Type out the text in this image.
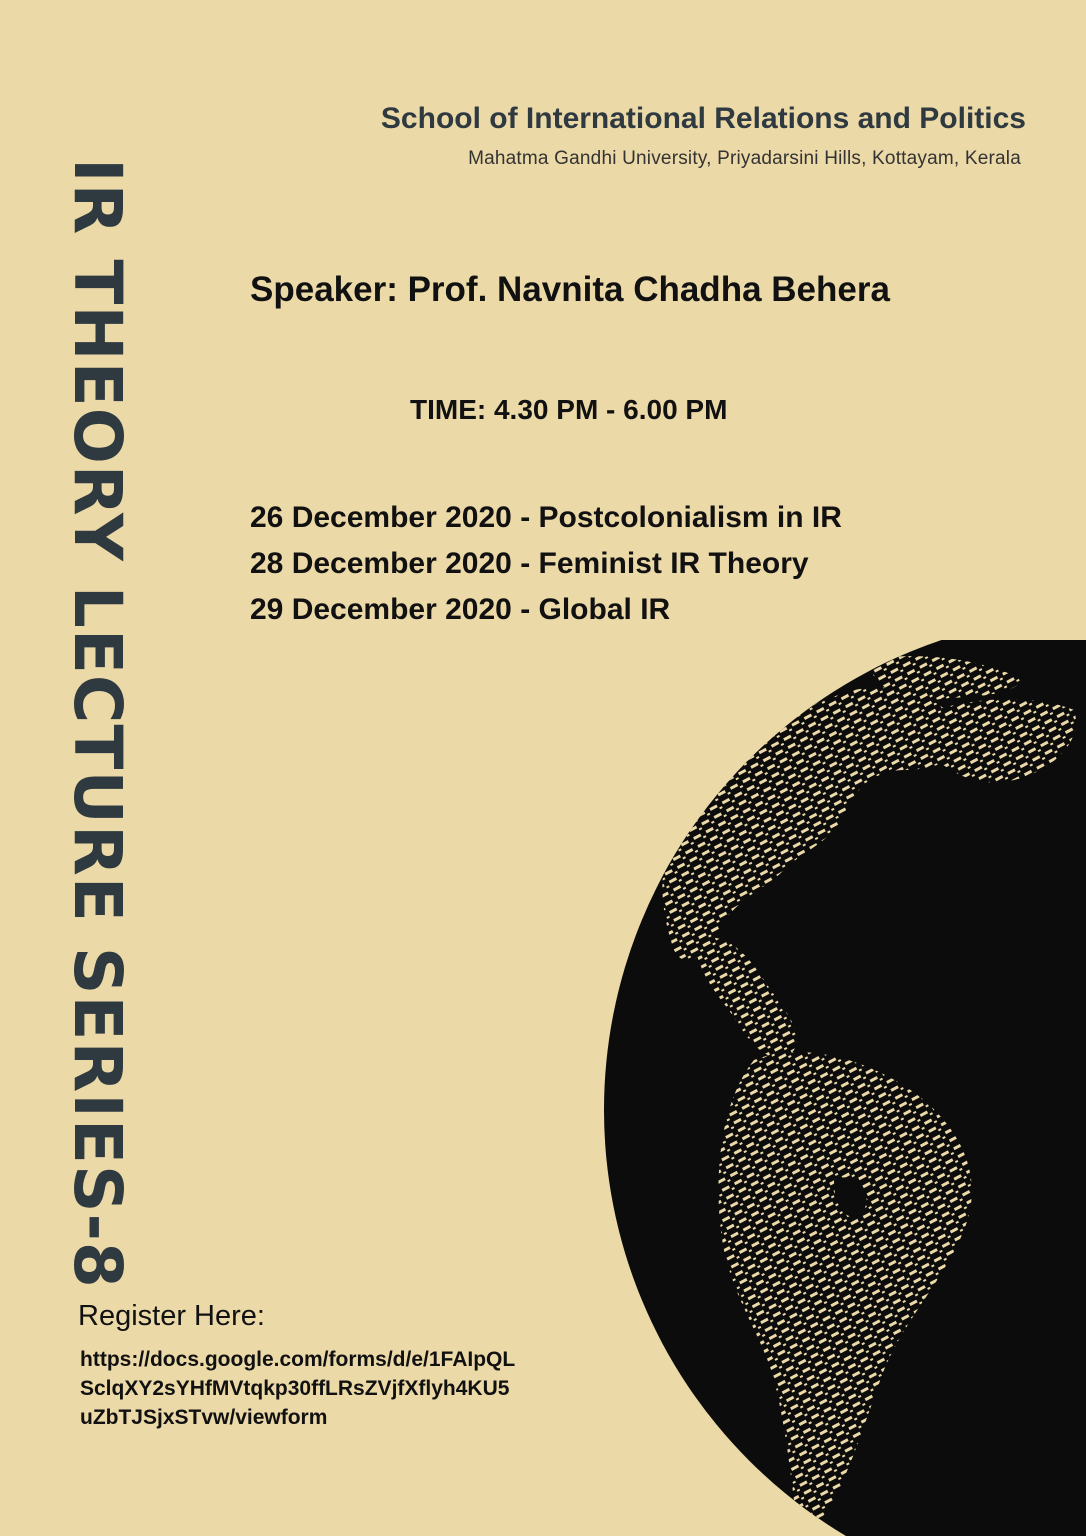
IR THEORY LECTURE SERIES-8
School of International Relations and Politics
Mahatma Gandhi University, Priyadarsini Hills, Kottayam, Kerala
Speaker: Prof. Navnita Chadha Behera
TIME: 4.30 PM - 6.00 PM
26 December 2020 - Postcolonialism in IR
28 December 2020 - Feminist IR Theory
29 December 2020 - Global IR
Register Here:
https://docs.google.com/forms/d/e/1FAIpQLSclqXY2sYHfMVtqkp30ffLRsZVjfXflyh4KU5uZbTJSjxSTvw/viewform
